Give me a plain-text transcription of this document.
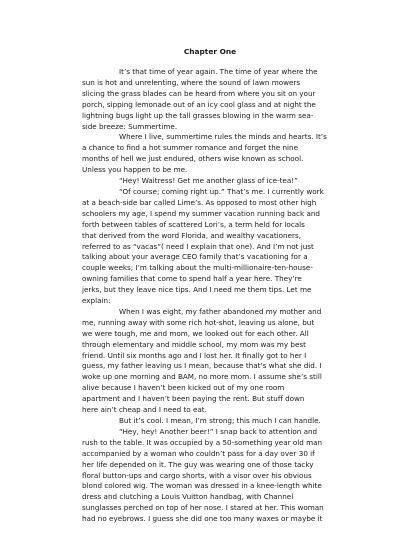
Chapter One
It’s that time of year again. The time of year where the
sun is hot and unrelenting, where the sound of lawn mowers
slicing the grass blades can be heard from where you sit on your
porch, sipping lemonade out of an icy cool glass and at night the
lightning bugs light up the tall grasses blowing in the warm sea-
side breeze: Summertime.
Where I live, summertime rules the minds and hearts. It’s
a chance to find a hot summer romance and forget the nine
months of hell we just endured, others wise known as school.
Unless you happen to be me.
“Hey! Waitress! Get me another glass of ice-tea!”
“Of course; coming right up.” That’s me. I currently work
at a beach-side bar called Lime’s. As opposed to most other high
schoolers my age, I spend my summer vacation running back and
forth between tables of scattered Lori’s, a term held for locals
that derived from the word Florida, and wealthy vacationers,
referred to as “vacas”( need I explain that one). And I’m not just
talking about your average CEO family that’s vacationing for a
couple weeks; I’m talking about the multi-millionaire-ten-house-
owning families that come to spend half a year here. They’re
jerks, but they leave nice tips. And I need me them tips. Let me
explain:
When I was eight, my father abandoned my mother and
me, running away with some rich hot-shot, leaving us alone, but
we were tough, me and mom, we looked out for each other. All
through elementary and middle school, my mom was my best
friend. Until six months ago and I lost her. It finally got to her I
guess, my father leaving us I mean, because that’s what she did. I
woke up one morning and BAM, no more mom. I assume she’s still
alive because I haven’t been kicked out of my one room
apartment and I haven’t been paying the rent. But stuff down
here ain’t cheap and I need to eat.
But it’s cool. I mean, I’m strong; this much I can handle.
“Hey, hey! Another beer!” I snap back to attention and
rush to the table. It was occupied by a 50-something year old man
accompanied by a woman who couldn’t pass for a day over 30 if
her life depended on it. The guy was wearing one of those tacky
floral button-ups and cargo shorts, with a visor over his obvious
blond colored wig. The woman was dressed in a knee-length white
dress and clutching a Louis Vuitton handbag, with Channel
sunglasses perched on top of her nose. I stared at her. This woman
had no eyebrows. I guess she did one too many waxes or maybe it
